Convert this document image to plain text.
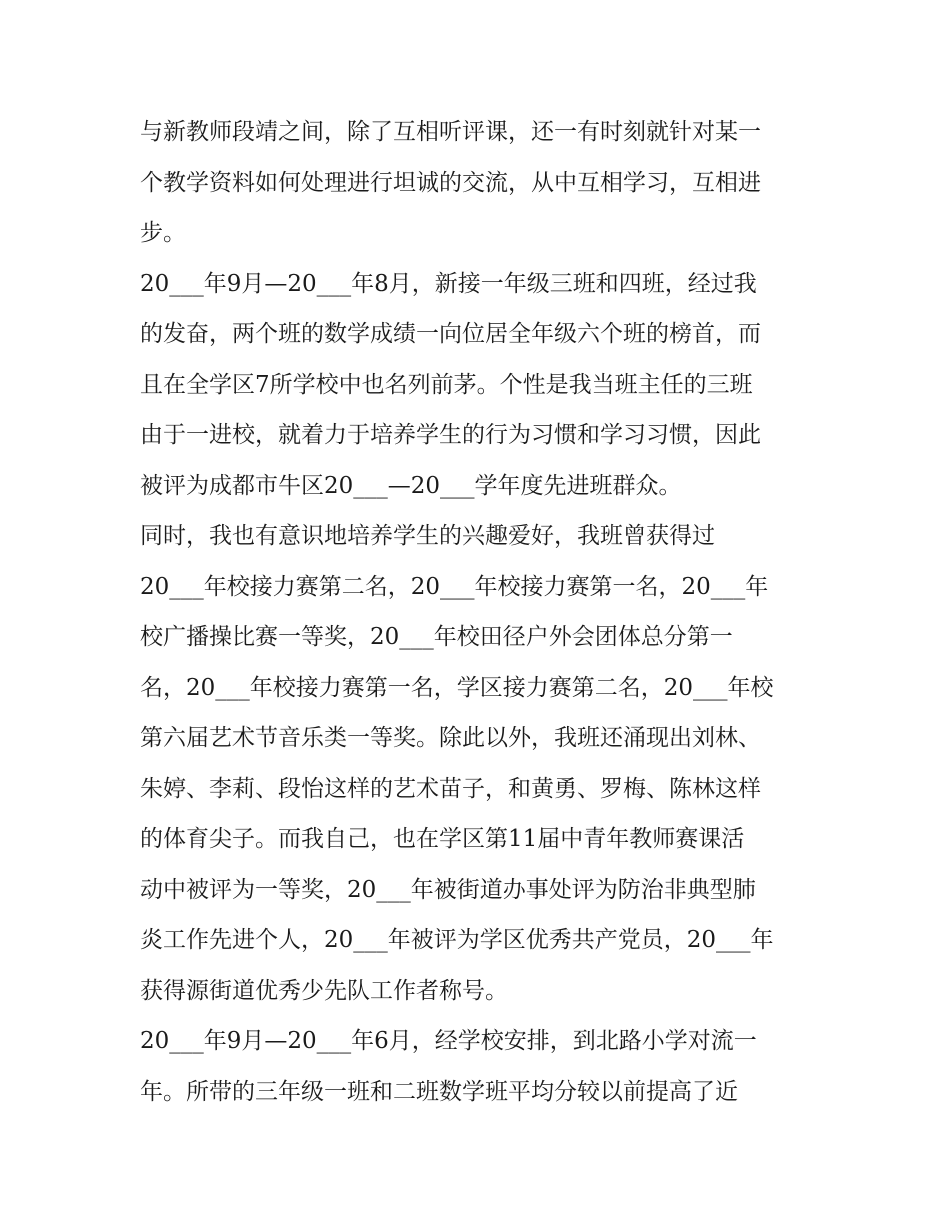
与新教师段靖之间，除了互相听评课，还一有时刻就针对某一
个教学资料如何处理进行坦诚的交流，从中互相学习，互相进
步。
20___年9月—20___年8月，新接一年级三班和四班，经过我
的发奋，两个班的数学成绩一向位居全年级六个班的榜首，而
且在全学区7所学校中也名列前茅。个性是我当班主任的三班
由于一进校，就着力于培养学生的行为习惯和学习习惯，因此
被评为成都市牛区20___—20___学年度先进班群众。
同时，我也有意识地培养学生的兴趣爱好，我班曾获得过
20___年校接力赛第二名，20___年校接力赛第一名，20___年
校广播操比赛一等奖，20___年校田径户外会团体总分第一
名，20___年校接力赛第一名，学区接力赛第二名，20___年校
第六届艺术节音乐类一等奖。除此以外，我班还涌现出刘林、
朱婷、李莉、段怡这样的艺术苗子，和黄勇、罗梅、陈林这样
的体育尖子。而我自己，也在学区第11届中青年教师赛课活
动中被评为一等奖，20___年被街道办事处评为防治非典型肺
炎工作先进个人，20___年被评为学区优秀共产党员，20___年
获得源街道优秀少先队工作者称号。
20___年9月—20___年6月，经学校安排，到北路小学对流一
年。所带的三年级一班和二班数学班平均分较以前提高了近
